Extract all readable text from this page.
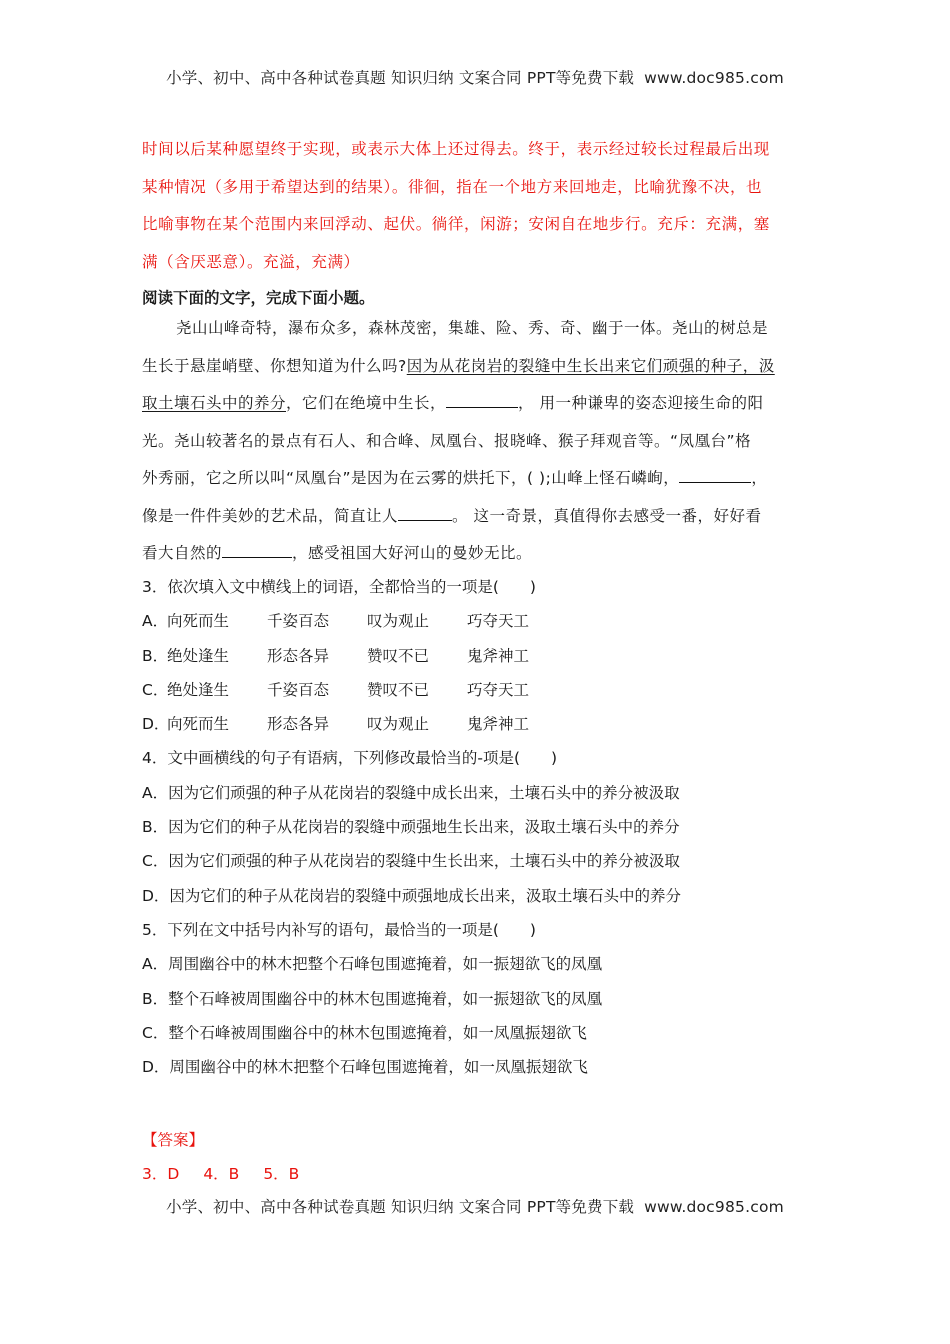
小学、初中、高中各种试卷真题 知识归纳 文案合同 PPT等免费下载 www.doc985.com

时间以后某种愿望终于实现，或表示大体上还过得去。终于，表示经过较长过程最后出现

某种情况（多用于希望达到的结果）。徘徊，指在一个地方来回地走，比喻犹豫不决，也

比喻事物在某个范围内来回浮动、起伏。徜徉，闲游；安闲自在地步行。充斥：充满，塞

满（含厌恶意）。充溢，充满）

阅读下面的文字，完成下面小题。

尧山山峰奇特，瀑布众多，森林茂密，集雄、险、秀、奇、幽于一体。尧山的树总是

生长于悬崖峭壁、你想知道为什么吗?因为从花岗岩的裂缝中生长出来它们顽强的种子，汲

取土壤石头中的养分，它们在绝境中生长，	， 用一种谦卑的姿态迎接生命的阳

光。尧山较著名的景点有石人、和合峰、凤凰台、报晓峰、猴子拜观音等。“凤凰台”格

外秀丽，它之所以叫“凤凰台”是因为在云雾的烘托下，( );山峰上怪石嶙峋，	，

像是一件件美妙的艺术品，简直让人	。 这一奇景，真值得你去感受一番，好好看

看大自然的	，感受祖国大好河山的曼妙无比。

3．依次填入文中横线上的词语，全都恰当的一项是(　　)

A．向死而生 千姿百态 叹为观止 巧夺天工

B．绝处逢生 形态各异 赞叹不已 鬼斧神工

C．绝处逢生 千姿百态 赞叹不已 巧夺天工

D．向死而生 形态各异 叹为观止 鬼斧神工

4．文中画横线的句子有语病，下列修改最恰当的-项是(　　)

A．因为它们顽强的种子从花岗岩的裂缝中成长出来，土壤石头中的养分被汲取

B．因为它们的种子从花岗岩的裂缝中顽强地生长出来，汲取土壤石头中的养分

C．因为它们顽强的种子从花岗岩的裂缝中生长出来，土壤石头中的养分被汲取

D．因为它们的种子从花岗岩的裂缝中顽强地成长出来，汲取土壤石头中的养分

5．下列在文中括号内补写的语句，最恰当的一项是(　　)

A．周围幽谷中的林木把整个石峰包围遮掩着，如一振翅欲飞的凤凰

B．整个石峰被周围幽谷中的林木包围遮掩着，如一振翅欲飞的凤凰

C．整个石峰被周围幽谷中的林木包围遮掩着，如一凤凰振翅欲飞

D．周围幽谷中的林木把整个石峰包围遮掩着，如一凤凰振翅欲飞

【答案】
3．D 4．B 5．B
小学、初中、高中各种试卷真题 知识归纳 文案合同 PPT等免费下载 www.doc985.com
